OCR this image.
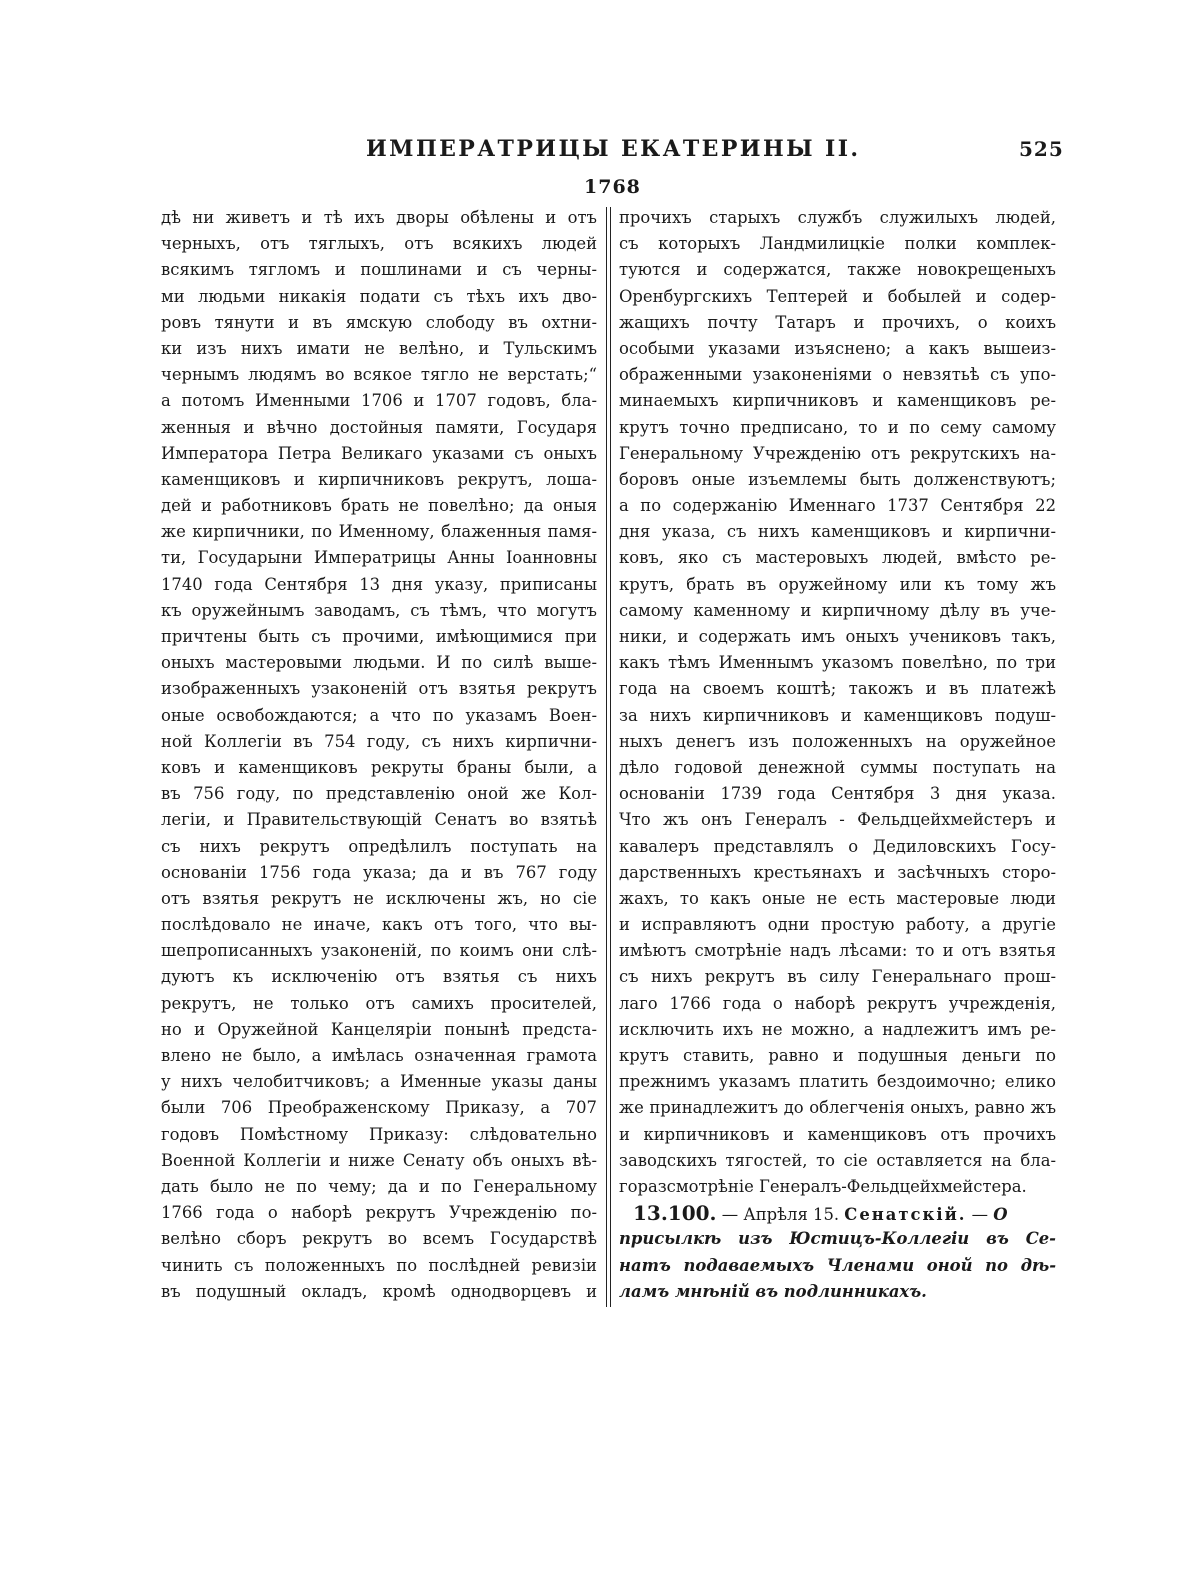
ИМПЕРАТРИЦЫ ЕКАТЕРИНЫ II.	525
1768
дѣ ни живетъ и тѣ ихъ дворы обѣлены и отъ
черныхъ, отъ тяглыхъ, отъ всякихъ людей
всякимъ тягломъ и пошлинами и съ черны-
ми людьми никакія подати съ тѣхъ ихъ дво-
ровъ тянути и въ ямскую слободу въ охтни-
ки изъ нихъ имати не велѣно, и Тульскимъ
чернымъ людямъ во всякое тягло не верстать;“
а потомъ Именными 1706 и 1707 годовъ, бла-
женныя и вѣчно достойныя памяти, Государя
Императора Петра Великаго указами съ оныхъ
каменщиковъ и кирпичниковъ рекрутъ, лоша-
дей и работниковъ брать не повелѣно; да оныя
же кирпичники, по Именному, блаженныя памя-
ти, Государыни Императрицы Анны Іоанновны
1740 года Сентября 13 дня указу, приписаны
къ оружейнымъ заводамъ, съ тѣмъ, что могутъ
причтены быть съ прочими, имѣющимися при
оныхъ мастеровыми людьми. И по силѣ выше-
изображенныхъ узаконеній отъ взятья рекрутъ
оные освобождаются; а что по указамъ Воен-
ной Коллегіи въ 754 году, съ нихъ кирпични-
ковъ и каменщиковъ рекруты браны были, а
въ 756 году, по представленію оной же Кол-
легіи, и Правительствующій Сенатъ во взятьѣ
съ нихъ рекрутъ опредѣлилъ поступать на
основаніи 1756 года указа; да и въ 767 году
отъ взятья рекрутъ не исключены жъ, но сіе
послѣдовало не иначе, какъ отъ того, что вы-
шепрописанныхъ узаконеній, по коимъ они слѣ-
дуютъ къ исключенію отъ взятья съ нихъ
рекрутъ, не только отъ самихъ просителей,
но и Оружейной Канцеляріи понынѣ предста-
влено не было, а имѣлась означенная грамота
у нихъ челобитчиковъ; а Именные указы даны
были 706 Преображенскому Приказу, а 707
годовъ Помѣстному Приказу: слѣдовательно
Военной Коллегіи и ниже Сенату объ оныхъ вѣ-
дать было не по чему; да и по Генеральному
1766 года о наборѣ рекрутъ Учрежденію по-
велѣно сборъ рекрутъ во всемъ Государствѣ
чинить съ положенныхъ по послѣдней ревизіи
въ подушный окладъ, кромѣ однодворцевъ и
прочихъ старыхъ службъ служилыхъ людей,
съ которыхъ Ландмилицкіе полки комплек-
туются и содержатся, также новокрещеныхъ
Оренбургскихъ Тептерей и бобылей и содер-
жащихъ почту Татаръ и прочихъ, о коихъ
особыми указами изъяснено; а какъ вышеиз-
ображенными узаконеніями о невзятьѣ съ упо-
минаемыхъ кирпичниковъ и каменщиковъ ре-
крутъ точно предписано, то и по сему самому
Генеральному Учрежденію отъ рекрутскихъ на-
боровъ оные изъемлемы быть долженствуютъ;
а по содержанію Именнаго 1737 Сентября 22
дня указа, съ нихъ каменщиковъ и кирпични-
ковъ, яко съ мастеровыхъ людей, вмѣсто ре-
крутъ, брать въ оружейному или къ тому жъ
самому каменному и кирпичному дѣлу въ уче-
ники, и содержать имъ оныхъ учениковъ такъ,
какъ тѣмъ Именнымъ указомъ повелѣно, по три
года на своемъ коштѣ; такожъ и въ платежѣ
за нихъ кирпичниковъ и каменщиковъ подуш-
ныхъ денегъ изъ положенныхъ на оружейное
дѣло годовой денежной суммы поступать на
основаніи 1739 года Сентября 3 дня указа.
Что жъ онъ Генералъ - Фельдцейхмейстеръ и
кавалеръ представлялъ о Дедиловскихъ Госу-
дарственныхъ крестьянахъ и засѣчныхъ сторо-
жахъ, то какъ оные не есть мастеровые люди
и исправляютъ одни простую работу, а другіе
имѣютъ смотрѣніе надъ лѣсами: то и отъ взятья
съ нихъ рекрутъ въ силу Генеральнаго прош-
лаго 1766 года о наборѣ рекрутъ учрежденія,
исключить ихъ не можно, а надлежитъ имъ ре-
крутъ ставить, равно и подушныя деньги по
прежнимъ указамъ платить бездоимочно; елико
же принадлежитъ до облегченія оныхъ, равно жъ
и кирпичниковъ и каменщиковъ отъ прочихъ
заводскихъ тягостей, то сіе оставляется на бла-
горазсмотрѣніе Генералъ-Фельдцейхмейстера.
13.100. — Апрѣля 15. Сенатскій. — О
присылкѣ изъ Юстицъ-Коллегіи въ Се-
натъ подаваемыхъ Членами оной по дѣ-
ламъ мнѣній въ подлинникахъ.
